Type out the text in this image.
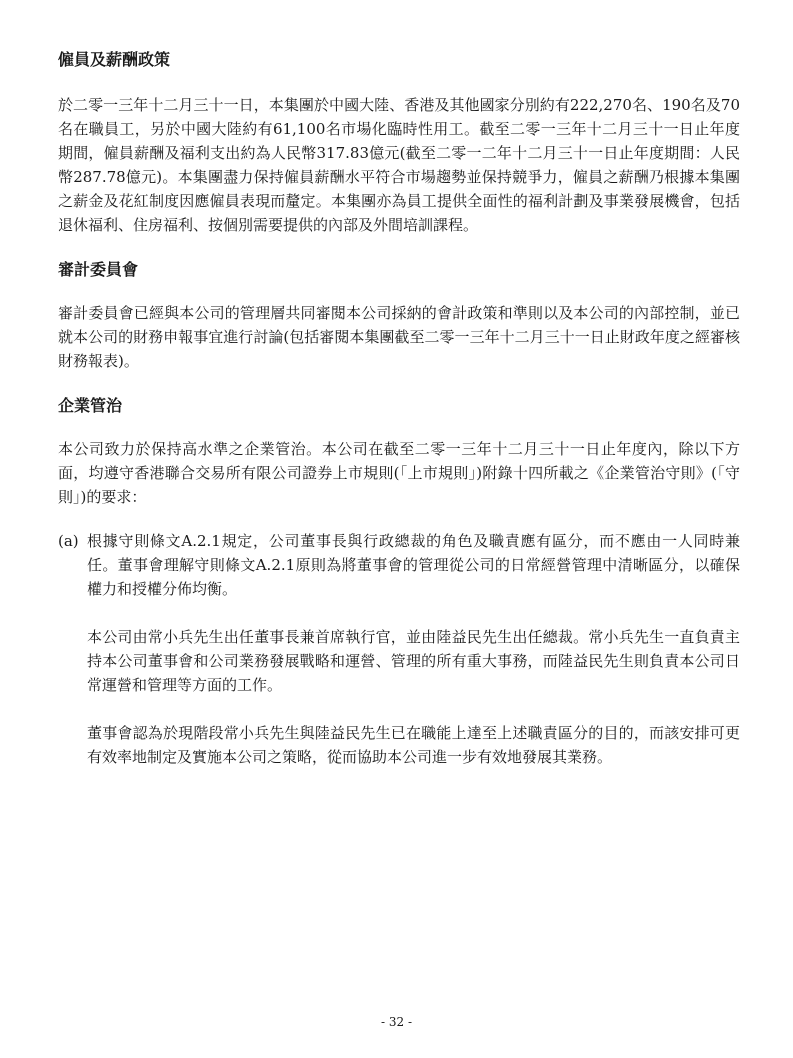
僱員及薪酬政策

於二零一三年十二月三十一日，本集團於中國大陸、香港及其他國家分別約有222,270名、190名及70名在職員工，另於中國大陸約有61,100名市場化臨時性用工。截至二零一三年十二月三十一日止年度期間，僱員薪酬及福利支出約為人民幣317.83億元(截至二零一二年十二月三十一日止年度期間：人民幣287.78億元)。本集團盡力保持僱員薪酬水平符合市場趨勢並保持競爭力，僱員之薪酬乃根據本集團之薪金及花紅制度因應僱員表現而釐定。本集團亦為員工提供全面性的福利計劃及事業發展機會，包括退休福利、住房福利、按個別需要提供的內部及外間培訓課程。

審計委員會

審計委員會已經與本公司的管理層共同審閱本公司採納的會計政策和準則以及本公司的內部控制，並已就本公司的財務申報事宜進行討論(包括審閱本集團截至二零一三年十二月三十一日止財政年度之經審核財務報表)。

企業管治

本公司致力於保持高水準之企業管治。本公司在截至二零一三年十二月三十一日止年度內，除以下方面，均遵守香港聯合交易所有限公司證券上市規則(「上市規則」)附錄十四所載之《企業管治守則》(「守則」)的要求：

(a) 根據守則條文A.2.1規定，公司董事長與行政總裁的角色及職責應有區分，而不應由一人同時兼任。董事會理解守則條文A.2.1原則為將董事會的管理從公司的日常經營管理中清晰區分，以確保權力和授權分佈均衡。

本公司由常小兵先生出任董事長兼首席執行官，並由陸益民先生出任總裁。常小兵先生一直負責主持本公司董事會和公司業務發展戰略和運營、管理的所有重大事務，而陸益民先生則負責本公司日常運營和管理等方面的工作。

董事會認為於現階段常小兵先生與陸益民先生已在職能上達至上述職責區分的目的，而該安排可更有效率地制定及實施本公司之策略，從而協助本公司進一步有效地發展其業務。

- 32 -
